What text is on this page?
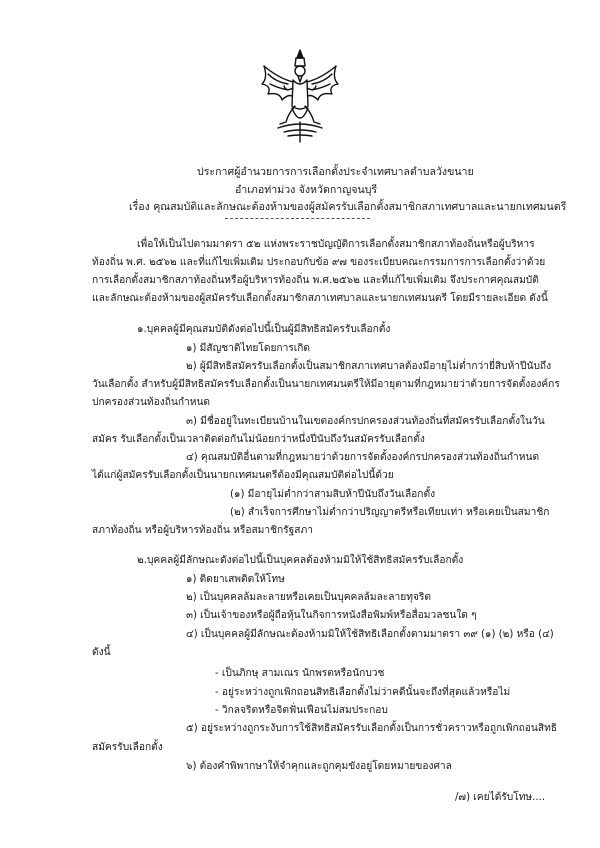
ประกาศผู้อำนวยการการเลือกตั้งประจำเทศบาลตำบลวังขนาย
อำเภอท่าม่วง จังหวัดกาญจนบุรี
เรื่อง คุณสมบัติและลักษณะต้องห้ามของผู้สมัครรับเลือกตั้งสมาชิกสภาเทศบาลและนายกเทศมนตรี
เพื่อให้เป็นไปตามมาตรา ๕๒ แห่งพระราชบัญญัติการเลือกตั้งสมาชิกสภาท้องถิ่นหรือผู้บริหาร
ท้องถิ่น พ.ศ. ๒๕๖๒ และที่แก้ไขเพิ่มเติม ประกอบกับข้อ ๙๗ ของระเบียบคณะกรรมการการเลือกตั้งว่าด้วย
การเลือกตั้งสมาชิกสภาท้องถิ่นหรือผู้บริหารท้องถิ่น พ.ศ.๒๕๖๒ และที่แก้ไขเพิ่มเติม จึงประกาศคุณสมบัติ
และลักษณะต้องห้ามของผู้สมัครรับเลือกตั้งสมาชิกสภาเทศบาลและนายกเทศมนตรี โดยมีรายละเอียด ดังนี้
๑.บุคคลผู้มีคุณสมบัติดังต่อไปนี้เป็นผู้มีสิทธิสมัครรับเลือกตั้ง
๑) มีสัญชาติไทยโดยการเกิด
๒) ผู้มีสิทธิสมัครรับเลือกตั้งเป็นสมาชิกสภาเทศบาลต้องมีอายุไม่ต่ำกว่ายี่สิบห้าปีนับถึง
วันเลือกตั้ง สำหรับผู้มีสิทธิสมัครรับเลือกตั้งเป็นนายกเทศมนตรีให้มีอายุตามที่กฎหมายว่าด้วยการจัดตั้งองค์กร
ปกครองส่วนท้องถิ่นกำหนด
๓) มีชื่ออยู่ในทะเบียนบ้านในเขตองค์กรปกครองส่วนท้องถิ่นที่สมัครรับเลือกตั้งในวัน
สมัคร รับเลือกตั้งเป็นเวลาติดต่อกันไม่น้อยกว่าหนึ่งปีนับถึงวันสมัครรับเลือกตั้ง
๔) คุณสมบัติอื่นตามที่กฎหมายว่าด้วยการจัดตั้งองค์กรปกครองส่วนท้องถิ่นกำหนด
ได้แก่ผู้สมัครรับเลือกตั้งเป็นนายกเทศมนตรีต้องมีคุณสมบัติต่อไปนี้ด้วย
(๑) มีอายุไม่ต่ำกว่าสามสิบห้าปีนับถึงวันเลือกตั้ง
(๒) สำเร็จการศึกษาไม่ต่ำกว่าปริญญาตรีหรือเทียบเท่า หรือเคยเป็นสมาชิก
สภาท้องถิ่น หรือผู้บริหารท้องถิ่น หรือสมาชิกรัฐสภา
๒.บุคคลผู้มีลักษณะดังต่อไปนี้เป็นบุคคลต้องห้ามมิให้ใช้สิทธิสมัครรับเลือกตั้ง
๑) ติดยาเสพติดให้โทษ
๒) เป็นบุคคลล้มละลายหรือเคยเป็นบุคคลล้มละลายทุจริต
๓) เป็นเจ้าของหรือผู้ถือหุ้นในกิจการหนังสือพิมพ์หรือสื่อมวลชนใด ๆ
๔) เป็นบุคคลผู้มีลักษณะต้องห้ามมิให้ใช้สิทธิเลือกตั้งตามมาตรา ๓๙ (๑) (๒) หรือ (๔)
ดังนี้
- เป็นภิกษุ สามเณร นักพรตหรือนักบวช
- อยู่ระหว่างถูกเพิกถอนสิทธิเลือกตั้งไม่ว่าคดีนั้นจะถึงที่สุดแล้วหรือไม่
- วิกลจริตหรือจิตฟั่นเฟือนไม่สมประกอบ
๕) อยู่ระหว่างถูกระงับการใช้สิทธิสมัครรับเลือกตั้งเป็นการชั่วคราวหรือถูกเพิกถอนสิทธิ
สมัครรับเลือกตั้ง
๖) ต้องคำพิพากษาให้จำคุกและถูกคุมขังอยู่โดยหมายของศาล
/๗) เคยได้รับโทษ....
